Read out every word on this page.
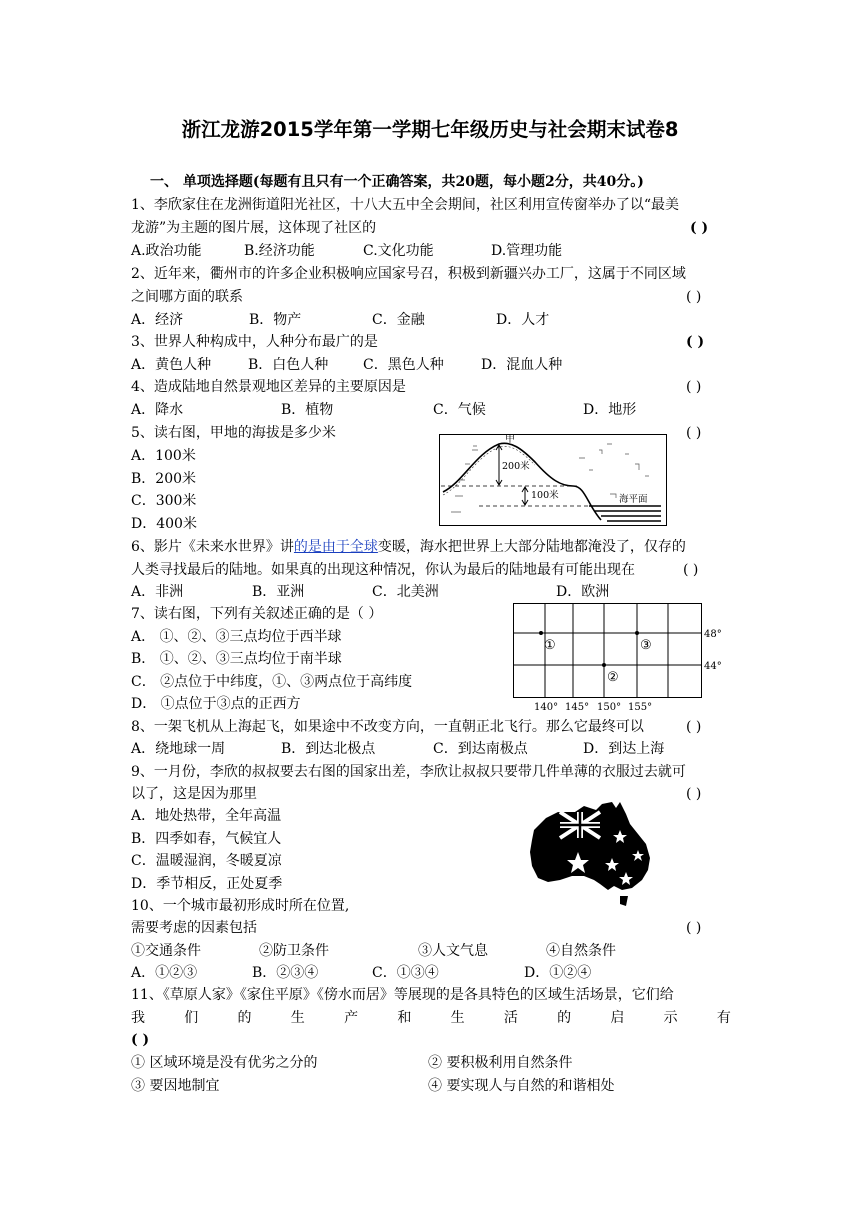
浙江龙游2015学年第一学期七年级历史与社会期末试卷8
一、 单项选择题(每题有且只有一个正确答案，共20题，每小题2分，共40分。)
1、李欣家住在龙洲街道阳光社区，十八大五中全会期间，社区利用宣传窗举办了以“最美
龙游”为主题的图片展，这体现了社区的	( )
A.政治功能	B.经济功能	C.文化功能	D.管理功能
2、近年来，衢州市的许多企业积极响应国家号召，积极到新疆兴办工厂，这属于不同区域
之间哪方面的联系	( )
A．经济	B．物产	C．金融	D．人才
3、世界人种构成中，人种分布最广的是	( )
A．黄色人种	B．白色人种 C．黑色人种	D．混血人种
4、造成陆地自然景观地区差异的主要原因是	( )
A．降水	B．植物	C．气候	D．地形
5、读右图，甲地的海拔是多少米	( )
A．100米
B．200米
C．300米
D．400米
甲
200米
100米	海平面
6、影片《未来水世界》讲的是由于全球变暖，海水把世界上大部分陆地都淹没了，仅存的
人类寻找最后的陆地。如果真的出现这种情况，你认为最后的陆地最有可能出现在	( )
A．非洲	B．亚洲	C．北美洲	D．欧洲
7、读右图，下列有关叙述正确的是（ ）
A． ①、②、③三点均位于西半球
B． ①、②、③三点均位于南半球
C． ②点位于中纬度，①、③两点位于高纬度
D． ①点位于③点的正西方
①
②
③
48°
44°
140° 145° 150° 155°
8、一架飞机从上海起飞，如果途中不改变方向，一直朝正北飞行。那么它最终可以	( )
A．绕地球一周	B．到达北极点	C．到达南极点	D．到达上海
9、一月份，李欣的叔叔要去右图的国家出差，李欣让叔叔只要带几件单薄的衣服过去就可
以了，这是因为那里	( )
A．地处热带，全年高温
B．四季如春，气候宜人
C．温暖湿润，冬暖夏凉
D．季节相反，正处夏季
10、一个城市最初形成时所在位置,
需要考虑的因素包括	( )
①交通条件	②防卫条件	③人文气息	④自然条件
A．①②③	B．②③④	C．①③④	D．①②④
11、《草原人家》《家住平原》《傍水而居》等展现的是各具特色的区域生活场景，它们给
我	们	的	生	产	和	生	活	的	启	示	有
( )
① 区域环境是没有优劣之分的	② 要积极利用自然条件
③ 要因地制宜	④ 要实现人与自然的和谐相处
